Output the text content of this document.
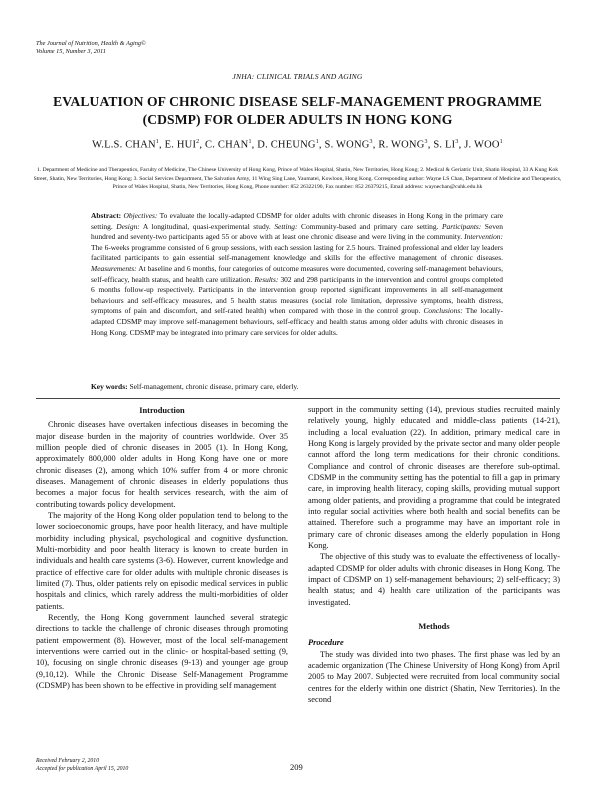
The Journal of Nutrition, Health & Aging©
Volume 15, Number 3, 2011
JNHA: CLINICAL TRIALS AND AGING
EVALUATION OF CHRONIC DISEASE SELF-MANAGEMENT PROGRAMME
(CDSMP) FOR OLDER ADULTS IN HONG KONG
W.L.S. CHAN$^1$, E. HUI$^2$, C. CHAN$^1$, D. CHEUNG$^1$, S. WONG$^3$, R. WONG$^3$, S. $LI^3$, J. WOO$^1$
1. Department of Medicine and Therapeutics, Faculty of Medicine, The Chinese University of Hong Kong, Prince of Wales Hospital, Shatin, New Territories, Hong Kong; 2. Medical & Geriatric Unit, Shatin Hospital, 33 A Kung Kok Street, Shatin, New Territories, Hong Kong; 3. Social Services Department, The Salvation Army, 11 Wing Sing Lane, Yaumatei, Kowloon, Hong Kong. Corresponding author: Wayne LS Chan, Department of Medicine and Therapeutics, Prince of Wales Hospital, Shatin, New Territories, Hong Kong, Phone number: 852 26322190, Fax number: 852 26379215, Email address: waynechan@cuhk.edu.hk
Abstract: Objectives: To evaluate the locally-adapted CDSMP for older adults with chronic diseases in Hong Kong in the primary care setting. Design: A longitudinal, quasi-experimental study. Setting: Community-based and primary care setting. Participants: Seven hundred and seventy-two participants aged 55 or above with at least one chronic disease and were living in the community. Intervention: The 6-weeks programme consisted of 6 group sessions, with each session lasting for 2.5 hours. Trained professional and elder lay leaders facilitated participants to gain essential self-management knowledge and skills for the effective management of chronic diseases. Measurements: At baseline and 6 months, four categories of outcome measures were documented, covering self-management behaviours, self-efficacy, health status, and health care utilization. Results: 302 and 298 participants in the intervention and control groups completed 6 months follow-up respectively. Participants in the intervention group reported significant improvements in all self-management behaviours and self-efficacy measures, and 5 health status measures (social role limitation, depressive symptoms, health distress, symptoms of pain and discomfort, and self-rated health) when compared with those in the control group. Conclusions: The locally-adapted CDSMP may improve self-management behaviours, self-efficacy and health status among older adults with chronic diseases in Hong Kong. CDSMP may be integrated into primary care services for older adults.
Key words: Self-management, chronic disease, primary care, elderly.

Introduction

Chronic diseases have overtaken infectious diseases in becoming the major disease burden in the majority of countries worldwide. Over 35 million people died of chronic diseases in 2005 (1). In Hong Kong, approximately 800,000 older adults in Hong Kong have one or more chronic diseases (2), among which 10% suffer from 4 or more chronic diseases. Management of chronic diseases in elderly populations thus becomes a major focus for health services research, with the aim of contributing towards policy development.

The majority of the Hong Kong older population tend to belong to the lower socioeconomic groups, have poor health literacy, and have multiple morbidity including physical, psychological and cognitive dysfunction. Multi-morbidity and poor health literacy is known to create burden in individuals and health care systems (3-6). However, current knowledge and practice of effective care for older adults with multiple chronic diseases is limited (7). Thus, older patients rely on episodic medical services in public hospitals and clinics, which rarely address the multi-morbidities of older patients.

Recently, the Hong Kong government launched several strategic directions to tackle the challenge of chronic diseases through promoting patient empowerment (8). However, most of the local self-management interventions were carried out in the clinic- or hospital-based setting (9, 10), focusing on single chronic diseases (9-13) and younger age group (9,10,12). While the Chronic Disease Self-Management Programme (CDSMP) has been shown to be effective in providing self management

support in the community setting (14), previous studies recruited mainly relatively young, highly educated and middle-class patients (14-21), including a local evaluation (22). In addition, primary medical care in Hong Kong is largely provided by the private sector and many older people cannot afford the long term medications for their chronic conditions. Compliance and control of chronic diseases are therefore sub-optimal. CDSMP in the community setting has the potential to fill a gap in primary care, in improving health literacy, coping skills, providing mutual support among older patients, and providing a programme that could be integrated into regular social activities where both health and social benefits can be attained. Therefore such a programme may have an important role in primary care of chronic diseases among the elderly population in Hong Kong.

The objective of this study was to evaluate the effectiveness of locally-adapted CDSMP for older adults with chronic diseases in Hong Kong. The impact of CDSMP on 1) self-management behaviours; 2) self-efficacy; 3) health status; and 4) health care utilization of the participants was investigated.

Methods

Procedure

The study was divided into two phases. The first phase was led by an academic organization (The Chinese University of Hong Kong) from April 2005 to May 2007. Subjected were recruited from local community social centres for the elderly within one district (Shatin, New Territories). In the second

Received February 2, 2010
Accepted for publication April 15, 2010	209
